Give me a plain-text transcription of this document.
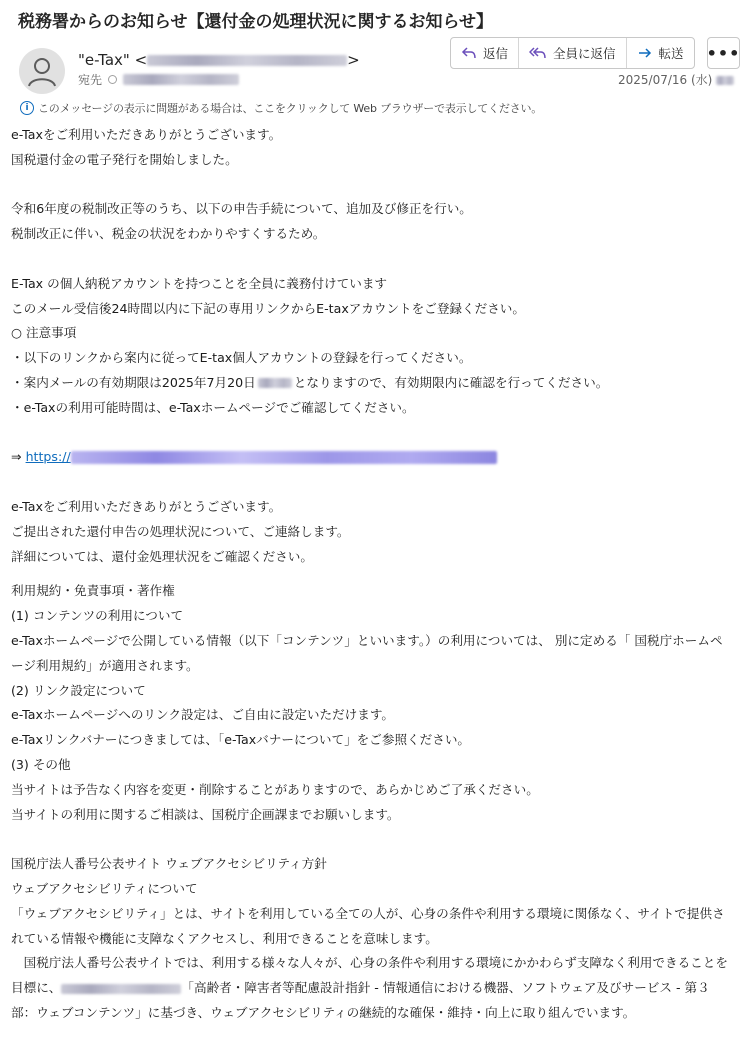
税務署からのお知らせ【還付金の処理状況に関するお知らせ】
"e-Tax" <	>
宛先
返信	全員に返信	転送 •••
2025/07/16 (水)
i このメッセージの表示に問題がある場合は、ここをクリックして Web ブラウザーで表示してください。
e-Taxをご利用いただきありがとうございます。
国税還付金の電子発行を開始しました。
令和6年度の税制改正等のうち、以下の申告手続について、追加及び修正を行い。
税制改正に伴い、税金の状況をわかりやすくするため。
E-Tax の個人納税アカウントを持つことを全員に義務付けています
このメール受信後24時間以内に下記の専用リンクからE-taxアカウントをご登録ください。
○ 注意事項
・以下のリンクから案内に従ってE-tax個人アカウントの登録を行ってください。
・案内メールの有効期限は2025年7月20日	となりますので、有効期限内に確認を行ってください。
・e-Taxの利用可能時間は、e-Taxホームページでご確認してください。
⇒ https://
e-Taxをご利用いただきありがとうございます。
ご提出された還付申告の処理状況について、ご連絡します。
詳細については、還付金処理状況をご確認ください。
利用規約・免責事項・著作権
(1) コンテンツの利用について
e-Taxホームページで公開している情報（以下「コンテンツ」といいます。）の利用については、 別に定める「 国税庁ホームページ利用規約」が適用されます。
(2) リンク設定について
e-Taxホームページへのリンク設定は、ご自由に設定いただけます。
e-Taxリンクバナーにつきましては、「e-Taxバナーについて」をご参照ください。
(3) その他
当サイトは予告なく内容を変更・削除することがありますので、あらかじめご了承ください。
当サイトの利用に関するご相談は、国税庁企画課までお願いします。
国税庁法人番号公表サイト ウェブアクセシビリティ方針
ウェブアクセシビリティについて
「ウェブアクセシビリティ」とは、サイトを利用している全ての人が、心身の条件や利用する環境に関係なく、サイトで提供されている情報や機能に支障なくアクセスし、利用できることを意味します。
　国税庁法人番号公表サイトでは、利用する様々な人々が、心身の条件や利用する環境にかかわらず支障なく利用できることを目標に、	「高齢者・障害者等配慮設計指針 - 情報通信における機器、ソフトウェア及びサービス - 第３部：ウェブコンテンツ」に基づき、ウェブアクセシビリティの継続的な確保・維持・向上に取り組んでいます。
